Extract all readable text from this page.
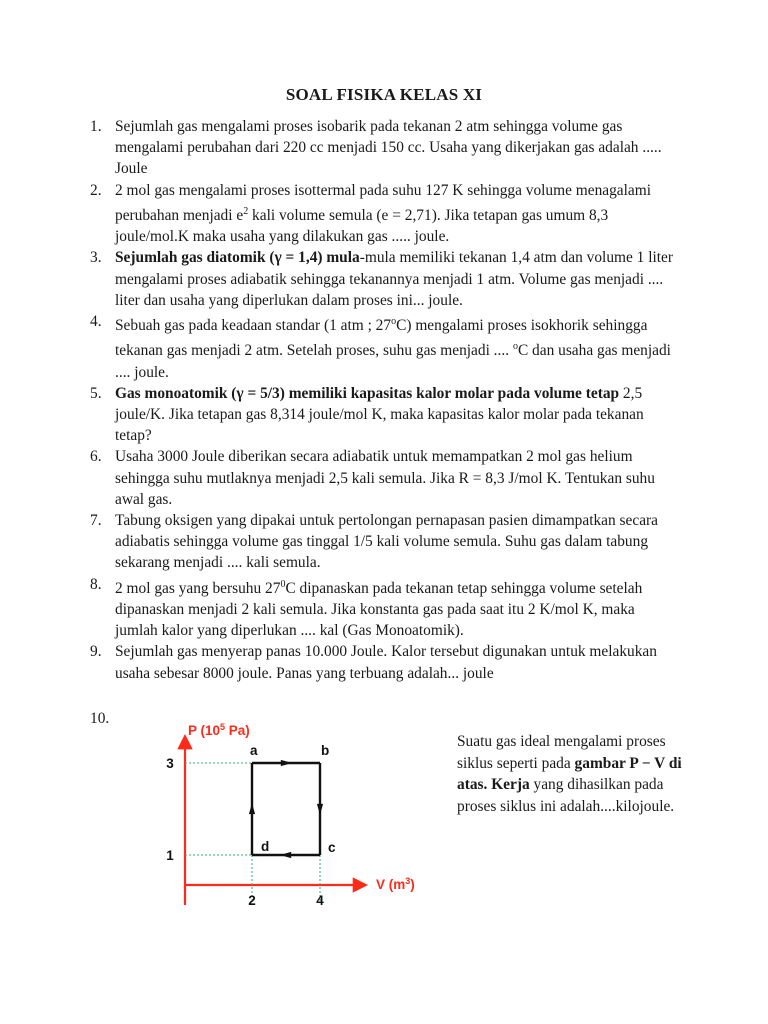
SOAL FISIKA KELAS XI
1. Sejumlah gas mengalami proses isobarik pada tekanan 2 atm sehingga volume gas mengalami perubahan dari 220 cc menjadi 150 cc. Usaha yang dikerjakan gas adalah ..... Joule
2. 2 mol gas mengalami proses isottermal pada suhu 127 K sehingga volume menagalami perubahan menjadi $e^2$ kali volume semula (e = 2,71). Jika tetapan gas umum 8,3 joule/mol.K maka usaha yang dilakukan gas ..... joule.
3. Sejumlah gas diatomik (γ = 1,4) mula-mula memiliki tekanan 1,4 atm dan volume 1 liter mengalami proses adiabatik sehingga tekanannya menjadi 1 atm. Volume gas menjadi .... liter dan usaha yang diperlukan dalam proses ini... joule.
4. Sebuah gas pada keadaan standar (1 atm ; 27$^o$C) mengalami proses isokhorik sehingga tekanan gas menjadi 2 atm. Setelah proses, suhu gas menjadi .... $^o$C dan usaha gas menjadi .... joule.
5. Gas monoatomik (γ = 5/3) memiliki kapasitas kalor molar pada volume tetap 2,5 joule/K. Jika tetapan gas 8,314 joule/mol K, maka kapasitas kalor molar pada tekanan tetap?
6. Usaha 3000 Joule diberikan secara adiabatik untuk memampatkan 2 mol gas helium sehingga suhu mutlaknya menjadi 2,5 kali semula. Jika R = 8,3 J/mol K. Tentukan suhu awal gas.
7. Tabung oksigen yang dipakai untuk pertolongan pernapasan pasien dimampatkan secara adiabatis sehingga volume gas tinggal 1/5 kali volume semula. Suhu gas dalam tabung sekarang menjadi .... kali semula.
8. 2 mol gas yang bersuhu $27^0C$ dipanaskan pada tekanan tetap sehingga volume setelah dipanaskan menjadi 2 kali semula. Jika konstanta gas pada saat itu 2 K/mol K, maka jumlah kalor yang diperlukan .... kal (Gas Monoatomik).
9. Sejumlah gas menyerap panas 10.000 Joule. Kalor tersebut digunakan untuk melakukan usaha sebesar 8000 joule. Panas yang terbuang adalah... joule
10.
P ($10^5$ Pa)
V $(m^3)$
3
1
2	4
a	b
c
d
Suatu gas ideal mengalami proses siklus seperti pada gambar P − V di atas. Kerja yang dihasilkan pada proses siklus ini adalah....kilojoule.
